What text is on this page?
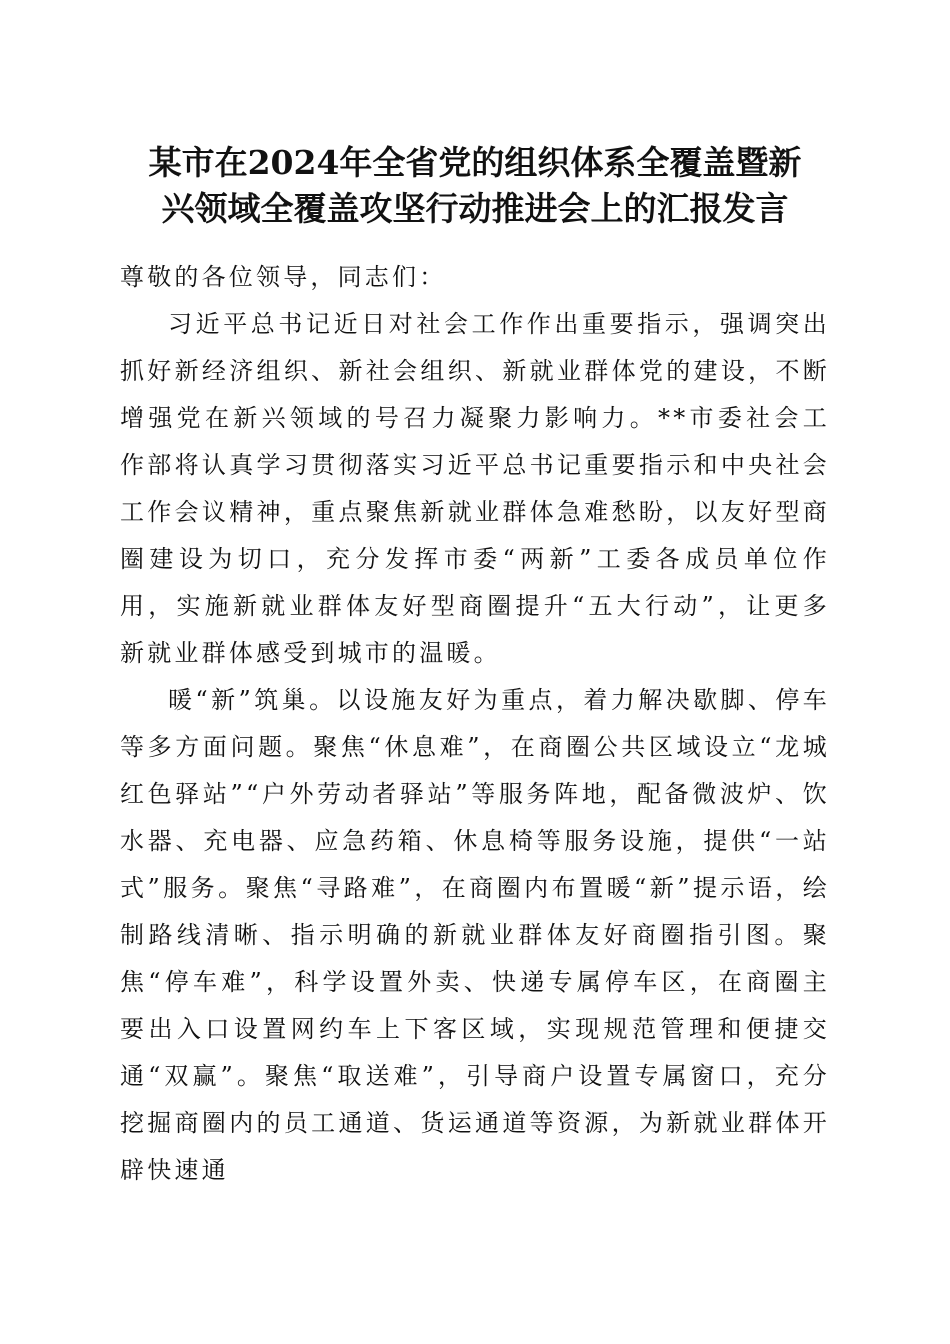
某市在2024年全省党的组织体系全覆盖暨新
兴领域全覆盖攻坚行动推进会上的汇报发言

尊敬的各位领导，同志们：

习近平总书记近日对社会工作作出重要指示，强调突出抓好新经济组织、新社会组织、新就业群体党的建设，不断增强党在新兴领域的号召力凝聚力影响力。**市委社会工作部将认真学习贯彻落实习近平总书记重要指示和中央社会工作会议精神，重点聚焦新就业群体急难愁盼，以友好型商圈建设为切口，充分发挥市委“两新”工委各成员单位作用，实施新就业群体友好型商圈提升“五大行动”，让更多新就业群体感受到城市的温暖。

暖“新”筑巢。以设施友好为重点，着力解决歇脚、停车等多方面问题。聚焦“休息难”，在商圈公共区域设立“龙城红色驿站”“户外劳动者驿站”等服务阵地，配备微波炉、饮水器、充电器、应急药箱、休息椅等服务设施，提供“一站式”服务。聚焦“寻路难”，在商圈内布置暖“新”提示语，绘制路线清晰、指示明确的新就业群体友好商圈指引图。聚焦“停车难”，科学设置外卖、快递专属停车区，在商圈主要出入口设置网约车上下客区域，实现规范管理和便捷交通“双赢”。聚焦“取送难”，引导商户设置专属窗口，充分挖掘商圈内的员工通道、货运通道等资源，为新就业群体开辟快速通
